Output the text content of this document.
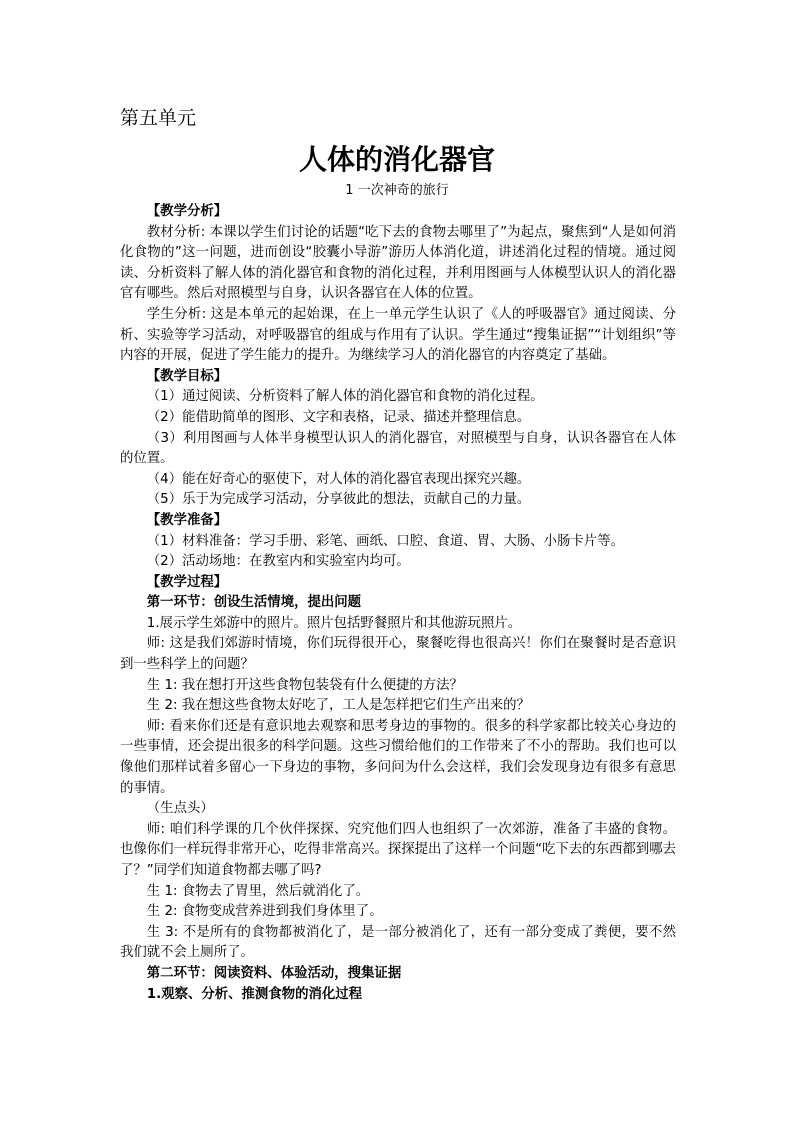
第五单元
人体的消化器官
1 一次神奇的旅行

【教学分析】

教材分析: 本课以学生们讨论的话题“吃下去的食物去哪里了”为起点，聚焦到“人是如何消化食物的”这一问题，进而创设“胶囊小导游”游历人体消化道，讲述消化过程的情境。通过阅读、分析资料了解人体的消化器官和食物的消化过程，并利用图画与人体模型认识人的消化器官有哪些。然后对照模型与自身，认识各器官在人体的位置。

学生分析: 这是本单元的起始课，在上一单元学生认识了《人的呼吸器官》通过阅读、分析、实验等学习活动，对呼吸器官的组成与作用有了认识。学生通过“搜集证据”“计划组织”等内容的开展，促进了学生能力的提升。为继续学习人的消化器官的内容奠定了基础。

【教学目标】

（1）通过阅读、分析资料了解人体的消化器官和食物的消化过程。

（2）能借助简单的图形、文字和表格，记录、描述并整理信息。

（3）利用图画与人体半身模型认识人的消化器官，对照模型与自身，认识各器官在人体的位置。

（4）能在好奇心的驱使下，对人体的消化器官表现出探究兴趣。

（5）乐于为完成学习活动，分享彼此的想法，贡献自己的力量。

【教学准备】

（1）材料准备：学习手册、彩笔、画纸、口腔、食道、胃、大肠、小肠卡片等。

（2）活动场地：在教室内和实验室内均可。

【教学过程】

第一环节：创设生活情境，提出问题

1.展示学生郊游中的照片。照片包括野餐照片和其他游玩照片。

师: 这是我们郊游时情境，你们玩得很开心，聚餐吃得也很高兴！你们在聚餐时是否意识到一些科学上的问题？

生 1: 我在想打开这些食物包装袋有什么便捷的方法？

生 2: 我在想这些食物太好吃了，工人是怎样把它们生产出来的？

师: 看来你们还是有意识地去观察和思考身边的事物的。很多的科学家都比较关心身边的一些事情，还会提出很多的科学问题。这些习惯给他们的工作带来了不小的帮助。我们也可以像他们那样试着多留心一下身边的事物，多问问为什么会这样，我们会发现身边有很多有意思的事情。

（生点头）

师: 咱们科学课的几个伙伴探探、究究他们四人也组织了一次郊游，准备了丰盛的食物。也像你们一样玩得非常开心，吃得非常高兴。探探提出了这样一个问题“吃下去的东西都到哪去了？”同学们知道食物都去哪了吗?

生 1: 食物去了胃里，然后就消化了。

生 2: 食物变成营养进到我们身体里了。

生 3: 不是所有的食物都被消化了，是一部分被消化了，还有一部分变成了粪便，要不然我们就不会上厕所了。

第二环节：阅读资料、体验活动，搜集证据

1.观察、分析、推测食物的消化过程
